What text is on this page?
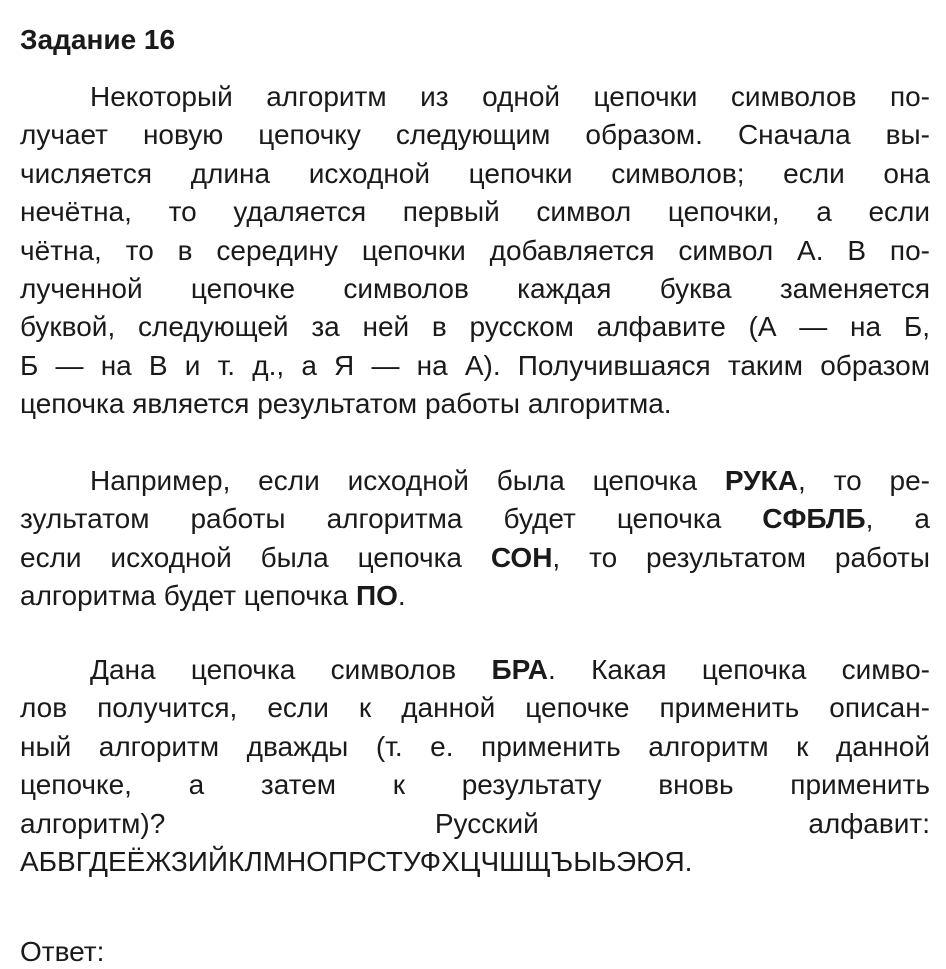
Задание 16
Некоторый алгоритм из одной цепочки символов по-
лучает новую цепочку следующим образом. Сначала вы-
числяется длина исходной цепочки символов; если она
нечётна, то удаляется первый символ цепочки, а если
чётна, то в середину цепочки добавляется символ А. В по-
лученной цепочке символов каждая буква заменяется
буквой, следующей за ней в русском алфавите (А — на Б,
Б — на В и т. д., а Я — на А). Получившаяся таким образом
цепочка является результатом работы алгоритма.
Например, если исходной была цепочка РУКА, то ре-
зультатом работы алгоритма будет цепочка СФБЛБ, а
если исходной была цепочка СОН, то результатом работы
алгоритма будет цепочка ПО.
Дана цепочка символов БРА. Какая цепочка симво-
лов получится, если к данной цепочке применить описан-
ный алгоритм дважды (т. е. применить алгоритм к данной
цепочке, а затем к результату вновь применить
алгоритм)? Русский алфавит:
АБВГДЕЁЖЗИЙКЛМНОПРСТУФХЦЧШЩЪЫЬЭЮЯ.
Ответ:
